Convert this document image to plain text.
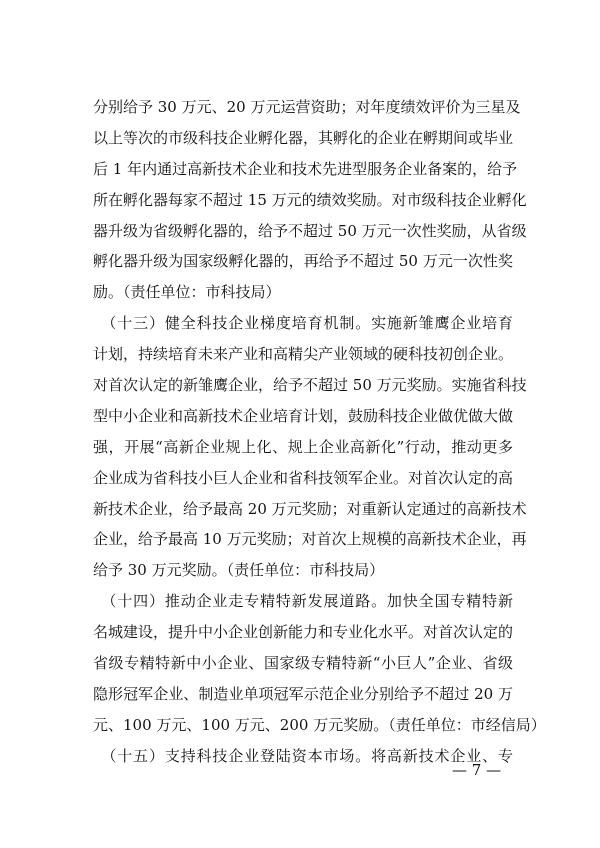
分别给予 30 万元、20 万元运营资助；对年度绩效评价为三星及
以上等次的市级科技企业孵化器，其孵化的企业在孵期间或毕业
后 1 年内通过高新技术企业和技术先进型服务企业备案的，给予
所在孵化器每家不超过 15 万元的绩效奖励。对市级科技企业孵化
器升级为省级孵化器的，给予不超过 50 万元一次性奖励，从省级
孵化器升级为国家级孵化器的，再给予不超过 50 万元一次性奖
励。（责任单位：市科技局）
　（十三）健全科技企业梯度培育机制。实施新雏鹰企业培育
计划，持续培育未来产业和高精尖产业领域的硬科技初创企业。
对首次认定的新雏鹰企业，给予不超过 50 万元奖励。实施省科技
型中小企业和高新技术企业培育计划，鼓励科技企业做优做大做
强，开展“高新企业规上化、规上企业高新化”行动，推动更多
企业成为省科技小巨人企业和省科技领军企业。对首次认定的高
新技术企业，给予最高 20 万元奖励；对重新认定通过的高新技术
企业，给予最高 10 万元奖励；对首次上规模的高新技术企业，再
给予 30 万元奖励。（责任单位：市科技局）
　（十四）推动企业走专精特新发展道路。加快全国专精特新
名城建设，提升中小企业创新能力和专业化水平。对首次认定的
省级专精特新中小企业、国家级专精特新“小巨人”企业、省级
隐形冠军企业、制造业单项冠军示范企业分别给予不超过 20 万
元、100 万元、100 万元、200 万元奖励。（责任单位：市经信局）
　（十五）支持科技企业登陆资本市场。将高新技术企业、专
— 7 —
